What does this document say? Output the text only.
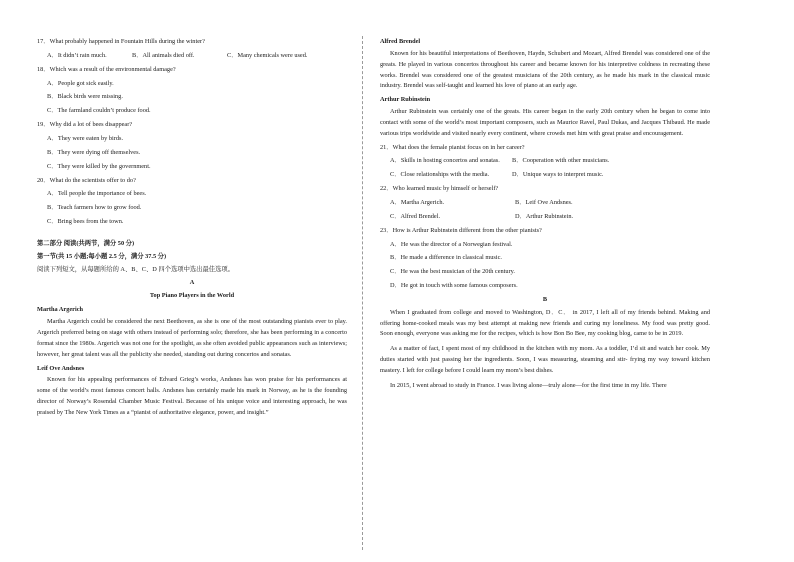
17．What probably happened in Fountain Hills during the winter?
A．It didn’t rain much.	B．All animals died off.	C．Many chemicals were used.
18．Which was a result of the environmental damage?
A．People got sick easily.
B．Black birds were missing.
C．The farmland couldn’t produce food.
19．Why did a lot of bees disappear?
A．They were eaten by birds.
B．They were dying off themselves.
C．They were killed by the government.
20．What do the scientists offer to do?
A．Tell people the importance of bees.
B．Teach farmers how to grow food.
C．Bring bees from the town.
第二部分 阅读(共两节，满分 50 分)
第一节(共 15 小题;每小题 2.5 分，满分 37.5 分)
阅读下列短文，从每题所给的 A、B、C、D 四个选项中选出最佳选项。
A
Top Piano Players in the World
Martha Argerich
Martha Argerich could be considered the next Beethoven, as she is one of the most outstanding pianists ever to play. Argerich preferred being on stage with others instead of performing solo; therefore, she has been performing in a concerto format since the 1980s. Argerich was not one for the spotlight, as she often avoided public appearances such as interviews; however, her great talent was all the publicity she needed, standing out during concertos and sonatas.
Leif Ove Andsnes
Known for his appealing performances of Edvard Grieg’s works, Andsnes has won praise for his performances at some of the world’s most famous concert halls. Andsnes has certainly made his mark in Norway, as he is the founding director of Norway’s Rosendal Chamber Music Festival. Because of his unique voice and interesting approach, he was praised by The New York Times as a “pianist of authoritative elegance, power, and insight.”
Alfred Brendel
Known for his beautiful interpretations of Beethoven, Haydn, Schubert and Mozart, Alfred Brendel was considered one of the greats. He played in various concertos throughout his career and became known for his interpretive coldness in recreating these works. Brendel was considered one of the greatest musicians of the 20th century, as he made his mark in the classical music industry. Brendel was self-taught and learned his love of piano at an early age.
Arthur Rubinstein
Arthur Rubinstein was certainly one of the greats. His career began in the early 20th century when he began to come into contact with some of the world’s most important composers, such as Maurice Ravel, Paul Dukas, and Jacques Thibaud. He made various trips worldwide and visited nearly every continent, where crowds met him with great praise and encouragement.
21．What does the female pianist focus on in her career?
A．Skills in hosting concertos and sonatas.	B．Cooperation with other musicians.
C．Close relationships with the media.	D．Unique ways to interpret music.
22．Who learned music by himself or herself?
A．Martha Argerich.	B．Leif Ove Andsnes.
C．Alfred Brendel.	D．Arthur Rubinstein.
23．How is Arthur Rubinstein different from the other pianists?
A．He was the director of a Norwegian festival.
B．He made a difference in classical music.
C．He was the best musician of the 20th century.
D．He got in touch with some famous composers.
B
When I graduated from college and moved to Washington, D．C． in 2017, I left all of my friends behind. Making and offering home-cooked meals was my best attempt at making new friends and curing my loneliness. My food was pretty good. Soon enough, everyone was asking me for the recipes, which is how Bon Bo Bee, my cooking blog, came to be in 2019.
As a matter of fact, I spent most of my childhood in the kitchen with my mom. As a toddler, I’d sit and watch her cook. My duties started with just passing her the ingredients. Soon, I was measuring, steaming and stir- frying my way toward kitchen mastery. I left for college before I could learn my mom’s best dishes.
In 2015, I went abroad to study in France. I was living alone—truly alone—for the first time in my life. There
